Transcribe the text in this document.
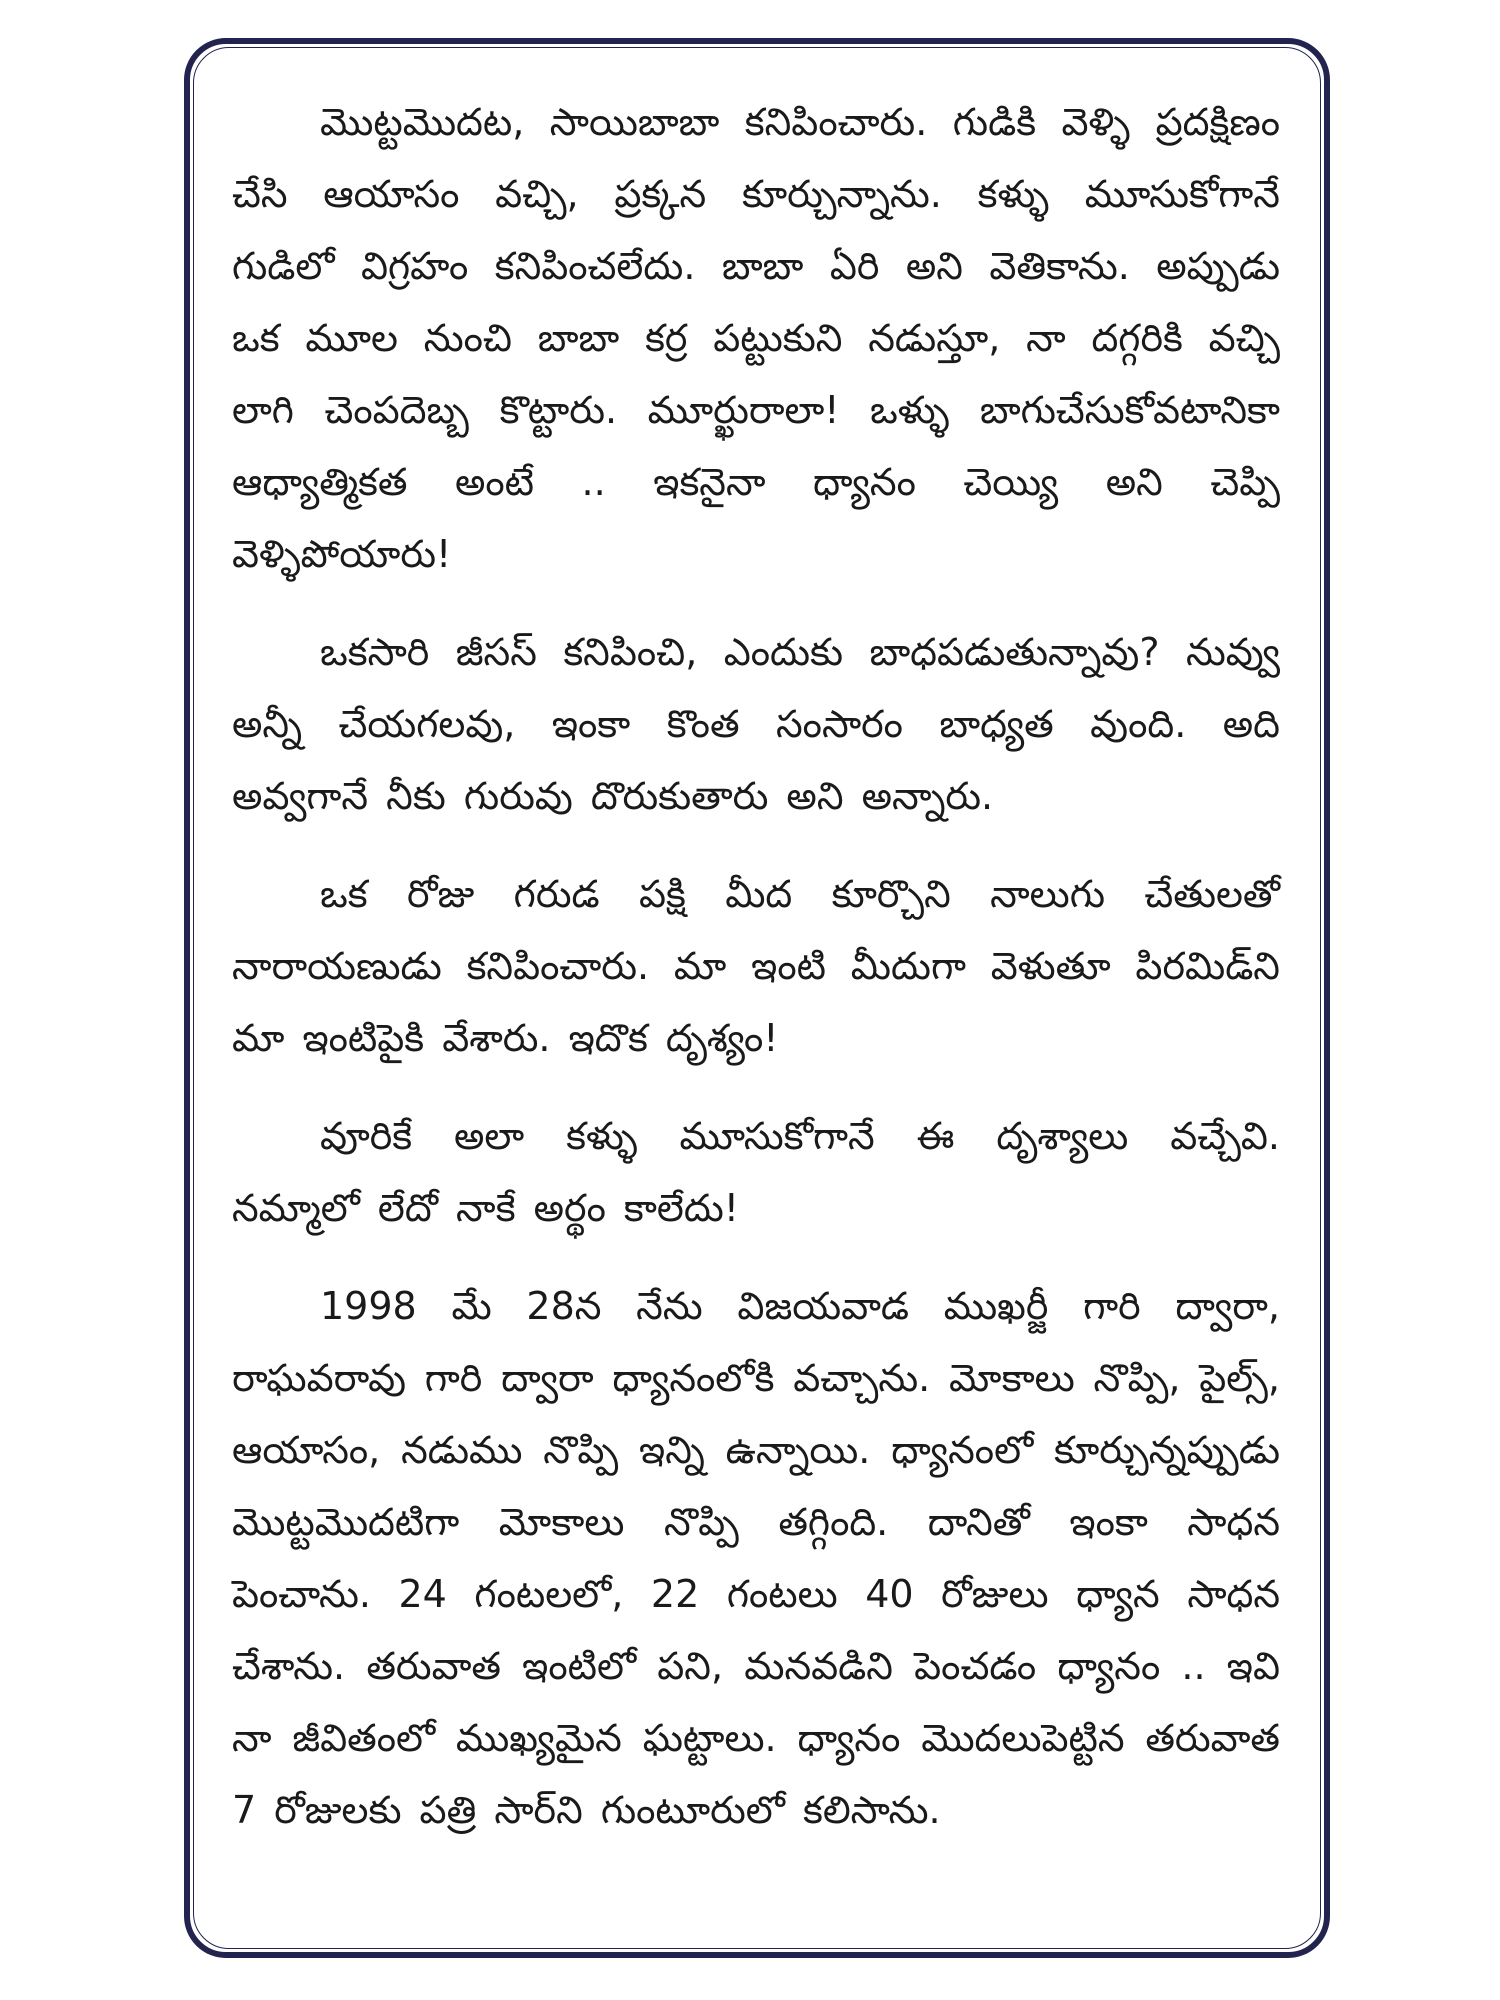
మొట్టమొదట, సాయిబాబా కనిపించారు. గుడికి వెళ్ళి ప్రదక్షిణం చేసి ఆయాసం వచ్చి, ప్రక్కన కూర్చున్నాను. కళ్ళు మూసుకోగానే గుడిలో విగ్రహం కనిపించలేదు. బాబా ఏరి అని వెతికాను. అప్పుడు ఒక మూల నుంచి బాబా కర్ర పట్టుకుని నడుస్తూ, నా దగ్గరికి వచ్చి లాగి చెంపదెబ్బ కొట్టారు. మూర్ఖురాలా! ఒళ్ళు బాగుచేసుకోవటానికా ఆధ్యాత్మికత అంటే .. ఇకనైనా ధ్యానం చెయ్యి అని చెప్పి వెళ్ళిపోయారు!

ఒకసారి జీసస్ కనిపించి, ఎందుకు బాధపడుతున్నావు? నువ్వు అన్నీ చేయగలవు, ఇంకా కొంత సంసారం బాధ్యత వుంది. అది అవ్వగానే నీకు గురువు దొరుకుతారు అని అన్నారు.

ఒక రోజు గరుడ పక్షి మీద కూర్చొని నాలుగు చేతులతో నారాయణుడు కనిపించారు. మా ఇంటి మీదుగా వెళుతూ పిరమిడ్‌ని మా ఇంటిపైకి వేశారు. ఇదొక దృశ్యం!

వూరికే అలా కళ్ళు మూసుకోగానే ఈ దృశ్యాలు వచ్చేవి. నమ్మాలో లేదో నాకే అర్థం కాలేదు!

1998 మే 28న నేను విజయవాడ ముఖర్జీ గారి ద్వారా, రాఘవరావు గారి ద్వారా ధ్యానంలోకి వచ్చాను. మోకాలు నొప్పి, పైల్స్, ఆయాసం, నడుము నొప్పి ఇన్ని ఉన్నాయి. ధ్యానంలో కూర్చున్నప్పుడు మొట్టమొదటిగా మోకాలు నొప్పి తగ్గింది. దానితో ఇంకా సాధన పెంచాను. 24 గంటలలో, 22 గంటలు 40 రోజులు ధ్యాన సాధన చేశాను. తరువాత ఇంటిలో పని, మనవడిని పెంచడం ధ్యానం .. ఇవి నా జీవితంలో ముఖ్యమైన ఘట్టాలు. ధ్యానం మొదలుపెట్టిన తరువాత 7 రోజులకు పత్రి సార్‌ని గుంటూరులో కలిసాను.
